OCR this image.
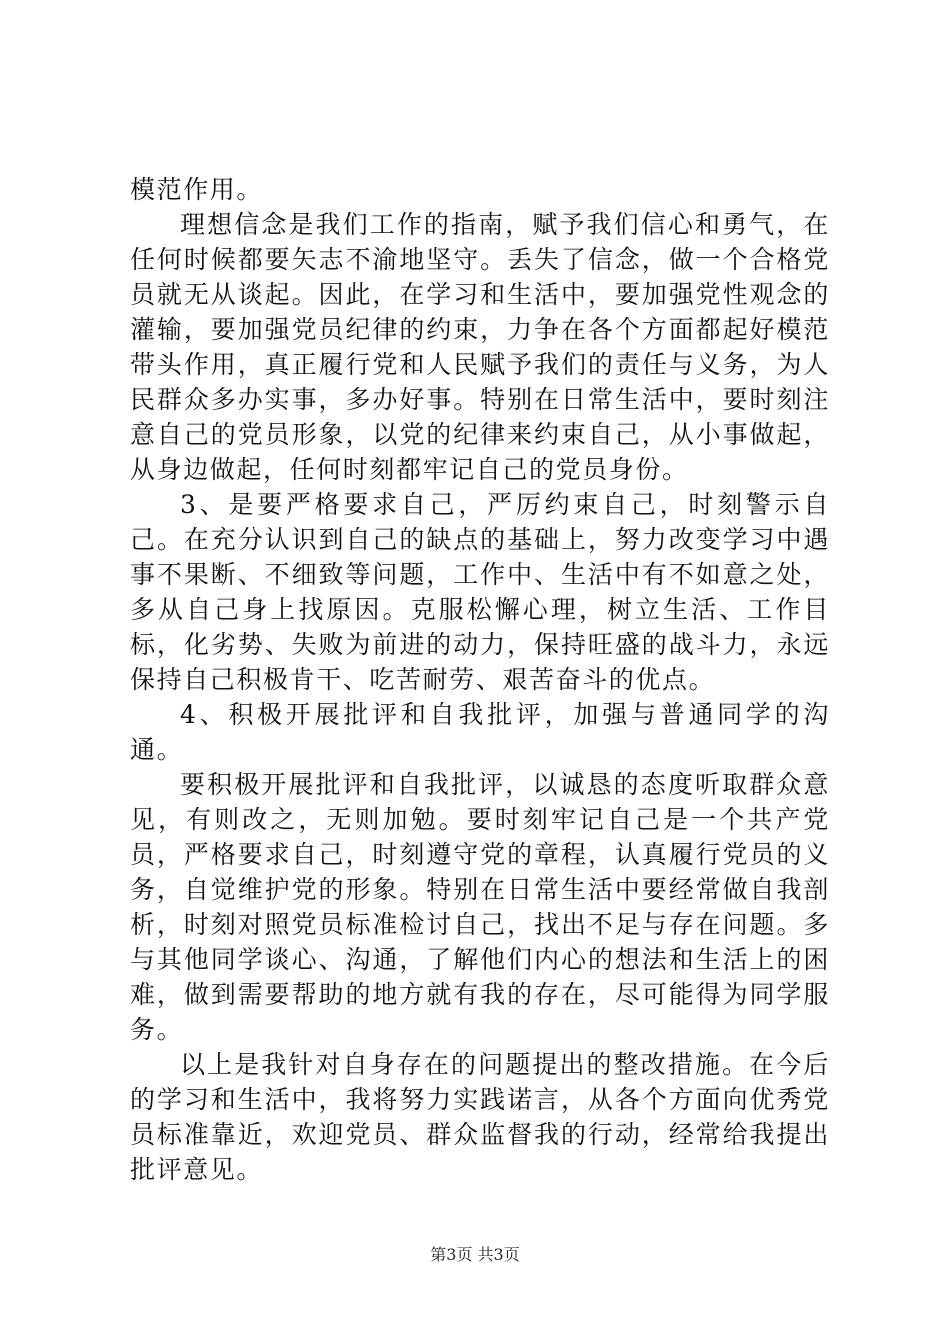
模范作用。

理想信念是我们工作的指南，赋予我们信心和勇气，在任何时候都要矢志不渝地坚守。丢失了信念，做一个合格党员就无从谈起。因此，在学习和生活中，要加强党性观念的灌输，要加强党员纪律的约束，力争在各个方面都起好模范带头作用，真正履行党和人民赋予我们的责任与义务，为人民群众多办实事，多办好事。特别在日常生活中，要时刻注意自己的党员形象，以党的纪律来约束自己，从小事做起，从身边做起，任何时刻都牢记自己的党员身份。

3、是要严格要求自己，严厉约束自己，时刻警示自己。在充分认识到自己的缺点的基础上，努力改变学习中遇事不果断、不细致等问题，工作中、生活中有不如意之处，多从自己身上找原因。克服松懈心理，树立生活、工作目标，化劣势、失败为前进的动力，保持旺盛的战斗力，永远保持自己积极肯干、吃苦耐劳、艰苦奋斗的优点。

4、积极开展批评和自我批评，加强与普通同学的沟通。

要积极开展批评和自我批评，以诚恳的态度听取群众意见，有则改之，无则加勉。要时刻牢记自己是一个共产党员，严格要求自己，时刻遵守党的章程，认真履行党员的义务，自觉维护党的形象。特别在日常生活中要经常做自我剖析，时刻对照党员标准检讨自己，找出不足与存在问题。多与其他同学谈心、沟通，了解他们内心的想法和生活上的困难，做到需要帮助的地方就有我的存在，尽可能得为同学服务。

以上是我针对自身存在的问题提出的整改措施。在今后的学习和生活中，我将努力实践诺言，从各个方面向优秀党员标准靠近，欢迎党员、群众监督我的行动，经常给我提出批评意见。

第3页 共3页
